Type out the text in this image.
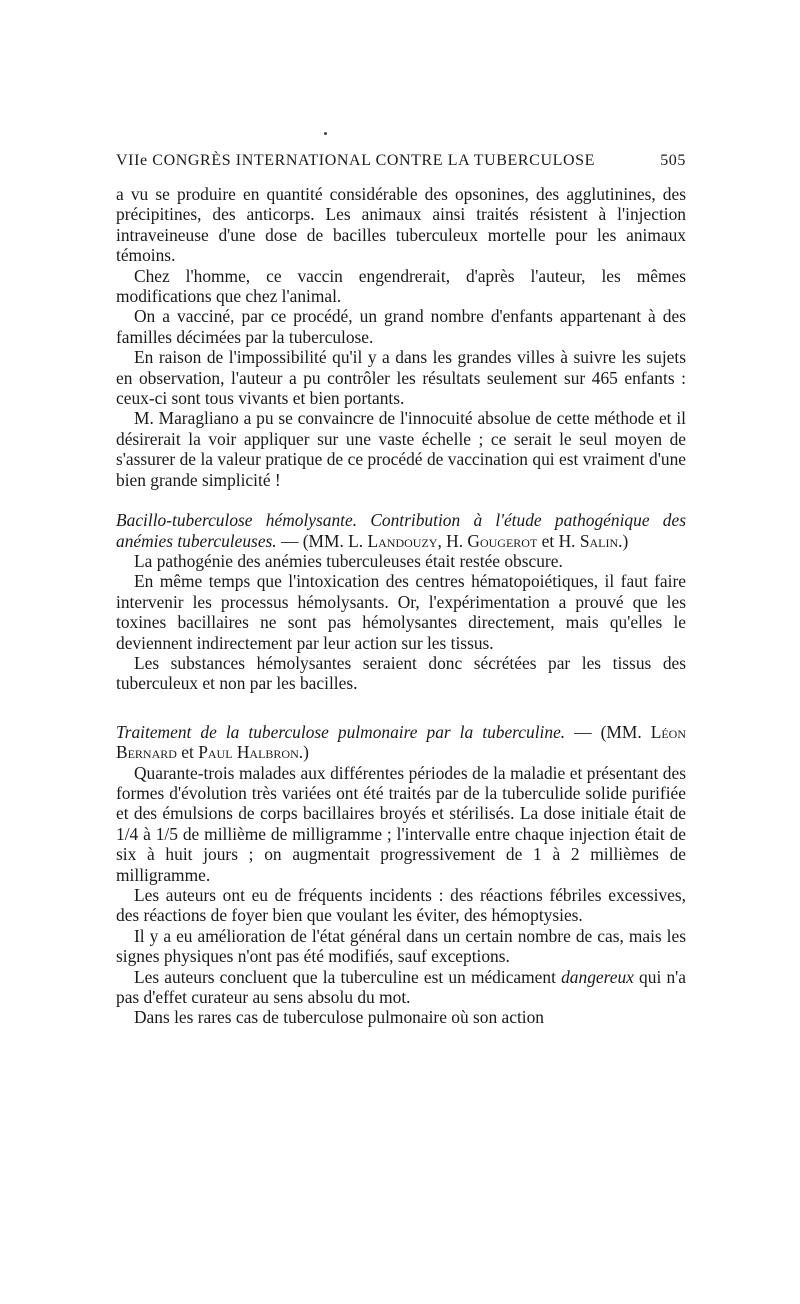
VIIe CONGRÈS INTERNATIONAL CONTRE LA TUBERCULOSE	505

a vu se produire en quantité considérable des opsonines, des agglutinines, des précipitines, des anticorps. Les animaux ainsi traités résistent à l'injection intraveineuse d'une dose de bacilles tuberculeux mortelle pour les animaux témoins.

Chez l'homme, ce vaccin engendrerait, d'après l'auteur, les mêmes modifications que chez l'animal.

On a vacciné, par ce procédé, un grand nombre d'enfants appartenant à des familles décimées par la tuberculose.

En raison de l'impossibilité qu'il y a dans les grandes villes à suivre les sujets en observation, l'auteur a pu contrôler les résultats seulement sur 465 enfants : ceux-ci sont tous vivants et bien portants.

M. Maragliano a pu se convaincre de l'innocuité absolue de cette méthode et il désirerait la voir appliquer sur une vaste échelle ; ce serait le seul moyen de s'assurer de la valeur pratique de ce procédé de vaccination qui est vraiment d'une bien grande simplicité !

Bacillo-tuberculose hémolysante. Contribution à l'étude pathogénique des anémies tuberculeuses. — (MM. L. Landouzy, H. Gougerot et H. Salin.)

La pathogénie des anémies tuberculeuses était restée obscure.

En même temps que l'intoxication des centres hématopoiétiques, il faut faire intervenir les processus hémolysants. Or, l'expérimentation a prouvé que les toxines bacillaires ne sont pas hémolysantes directement, mais qu'elles le deviennent indirectement par leur action sur les tissus.

Les substances hémolysantes seraient donc sécrétées par les tissus des tuberculeux et non par les bacilles.

Traitement de la tuberculose pulmonaire par la tuberculine. — (MM. Léon Bernard et Paul Halbron.)

Quarante-trois malades aux différentes périodes de la maladie et présentant des formes d'évolution très variées ont été traités par de la tuberculide solide purifiée et des émulsions de corps bacillaires broyés et stérilisés. La dose initiale était de 1/4 à 1/5 de millième de milligramme ; l'intervalle entre chaque injection était de six à huit jours ; on augmentait progressivement de 1 à 2 millièmes de milligramme.

Les auteurs ont eu de fréquents incidents : des réactions fébriles excessives, des réactions de foyer bien que voulant les éviter, des hémoptysies.

Il y a eu amélioration de l'état général dans un certain nombre de cas, mais les signes physiques n'ont pas été modifiés, sauf exceptions.

Les auteurs concluent que la tuberculine est un médicament dangereux qui n'a pas d'effet curateur au sens absolu du mot.

Dans les rares cas de tuberculose pulmonaire où son action
